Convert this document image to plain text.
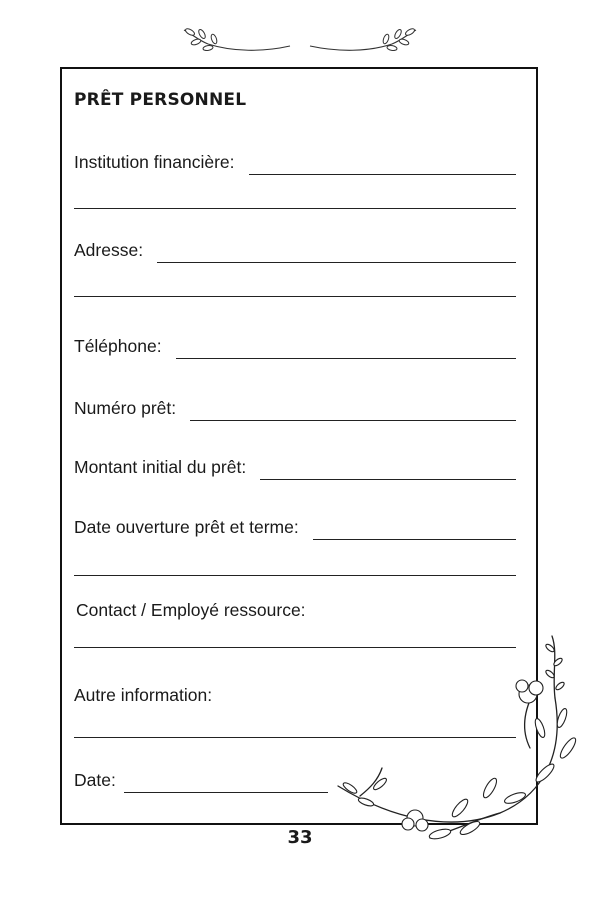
PRÊT PERSONNEL
Institution financière:
Adresse:
Téléphone:
Numéro prêt:
Montant initial du prêt:
Date ouverture prêt et terme:
Contact / Employé ressource:
Autre information:
Date:
33
